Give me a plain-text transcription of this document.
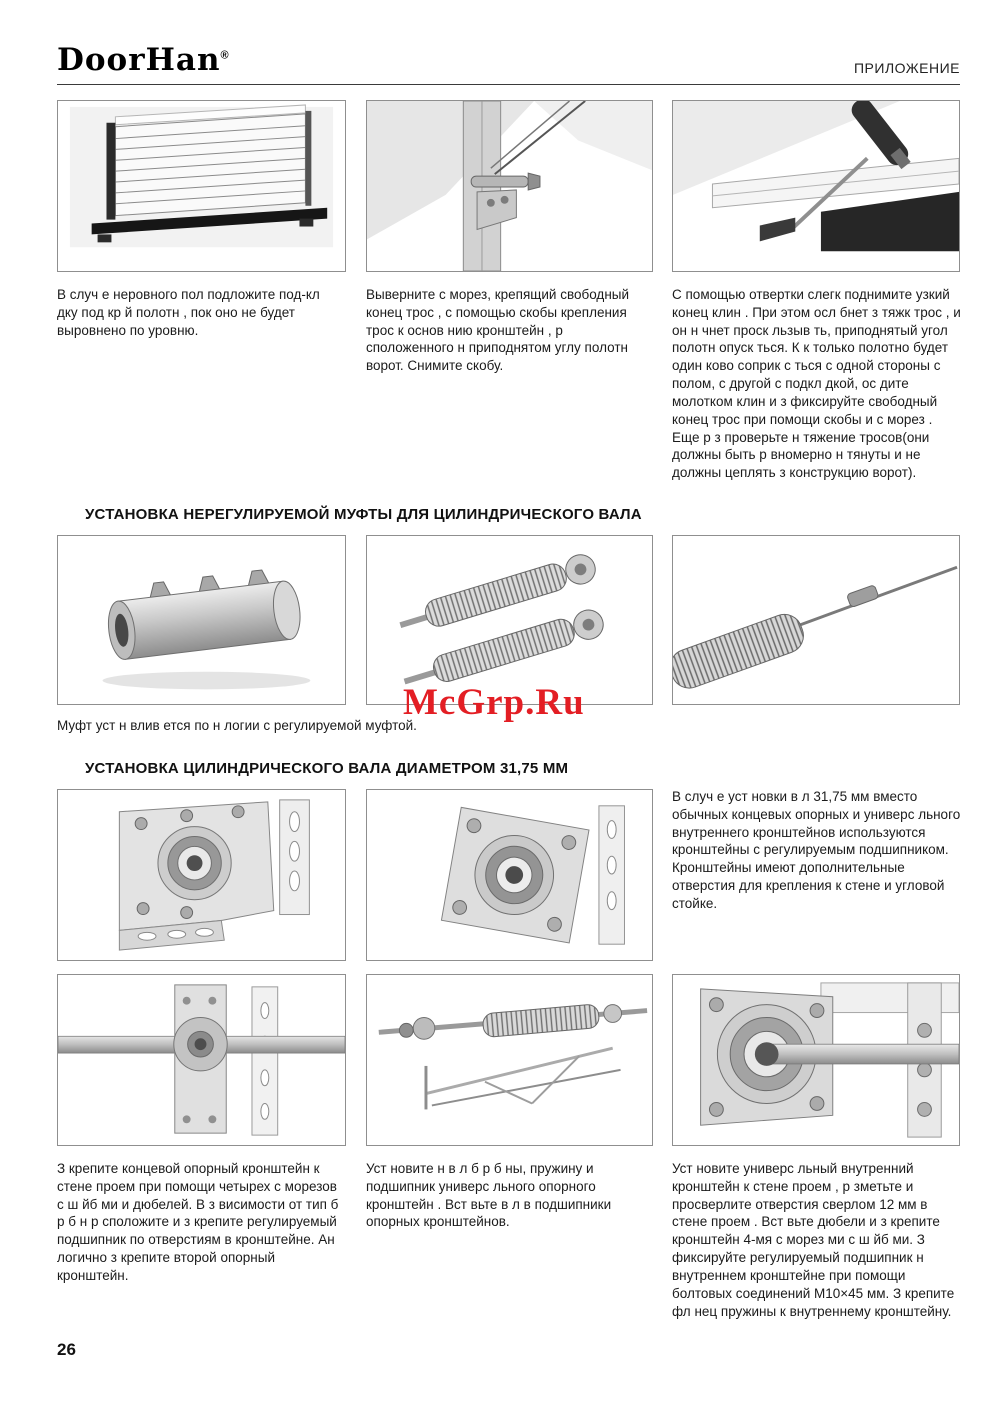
DoorHan®
ПРИЛОЖЕНИЕ
В случ е неровного пол подложите под-кл дку под кр й полотн , пок оно не будет выровнено по уровню.
Выверните с морез, крепящий свободный конец трос , с помощью скобы крепления трос к основ нию кронштейн , р сположенного н приподнятом углу полотн ворот. Снимите скобу.
С помощью отвертки слегк поднимите узкий конец клин . При этом осл бнет з тяжк трос , и он н чнет проск льзыв ть, приподнятый угол полотн опуск ться. К к только полотно будет один ково соприк с ться с одной стороны с полом, с другой с подкл дкой, ос дите молотком клин и з фиксируйте свободный конец трос при помощи скобы и с морез . Еще р з проверьте н тяжение тросов(они должны быть р вномерно н тянуты и не должны цеплять з конструкцию ворот).
УСТАНОВКА НЕРЕГУЛИРУЕМОЙ МУФТЫ ДЛЯ ЦИЛИНДРИЧЕСКОГО ВАЛА
Муфт уст н влив ется по н логии с регулируемой муфтой.
McGrp.Ru
УСТАНОВКА ЦИЛИНДРИЧЕСКОГО ВАЛА ДИАМЕТРОМ 31,75 ММ
В случ е уст новки в л 31,75 мм вместо обычных концевых опорных и универс льного внутреннего кронштейнов используются кронштейны с регулируемым подшипником. Кронштейны имеют дополнительные отверстия для крепления к стене и угловой стойке.
З крепите концевой опорный кронштейн к стене проем при помощи четырех с морезов с ш йб ми и дюбелей. В з висимости от тип б р б н р сположите и з крепите регулируемый подшипник по отверстиям в кронштейне. Ан логично з крепите второй опорный кронштейн.
Уст новите н в л б р б ны, пружину и подшипник универс льного опорного кронштейн . Вст вьте в л в подшипники опорных кронштейнов.
Уст новите универс льный внутренний кронштейн к стене проем , р зметьте и просверлите отверстия сверлом 12 мм в стене проем . Вст вьте дюбели и з крепите кронштейн 4-мя с морез ми с ш йб ми. З фиксируйте регулируемый подшипник н внутреннем кронштейне при помощи болтовых соединений М10×45 мм. З крепите фл нец пружины к внутреннему кронштейну.
26
